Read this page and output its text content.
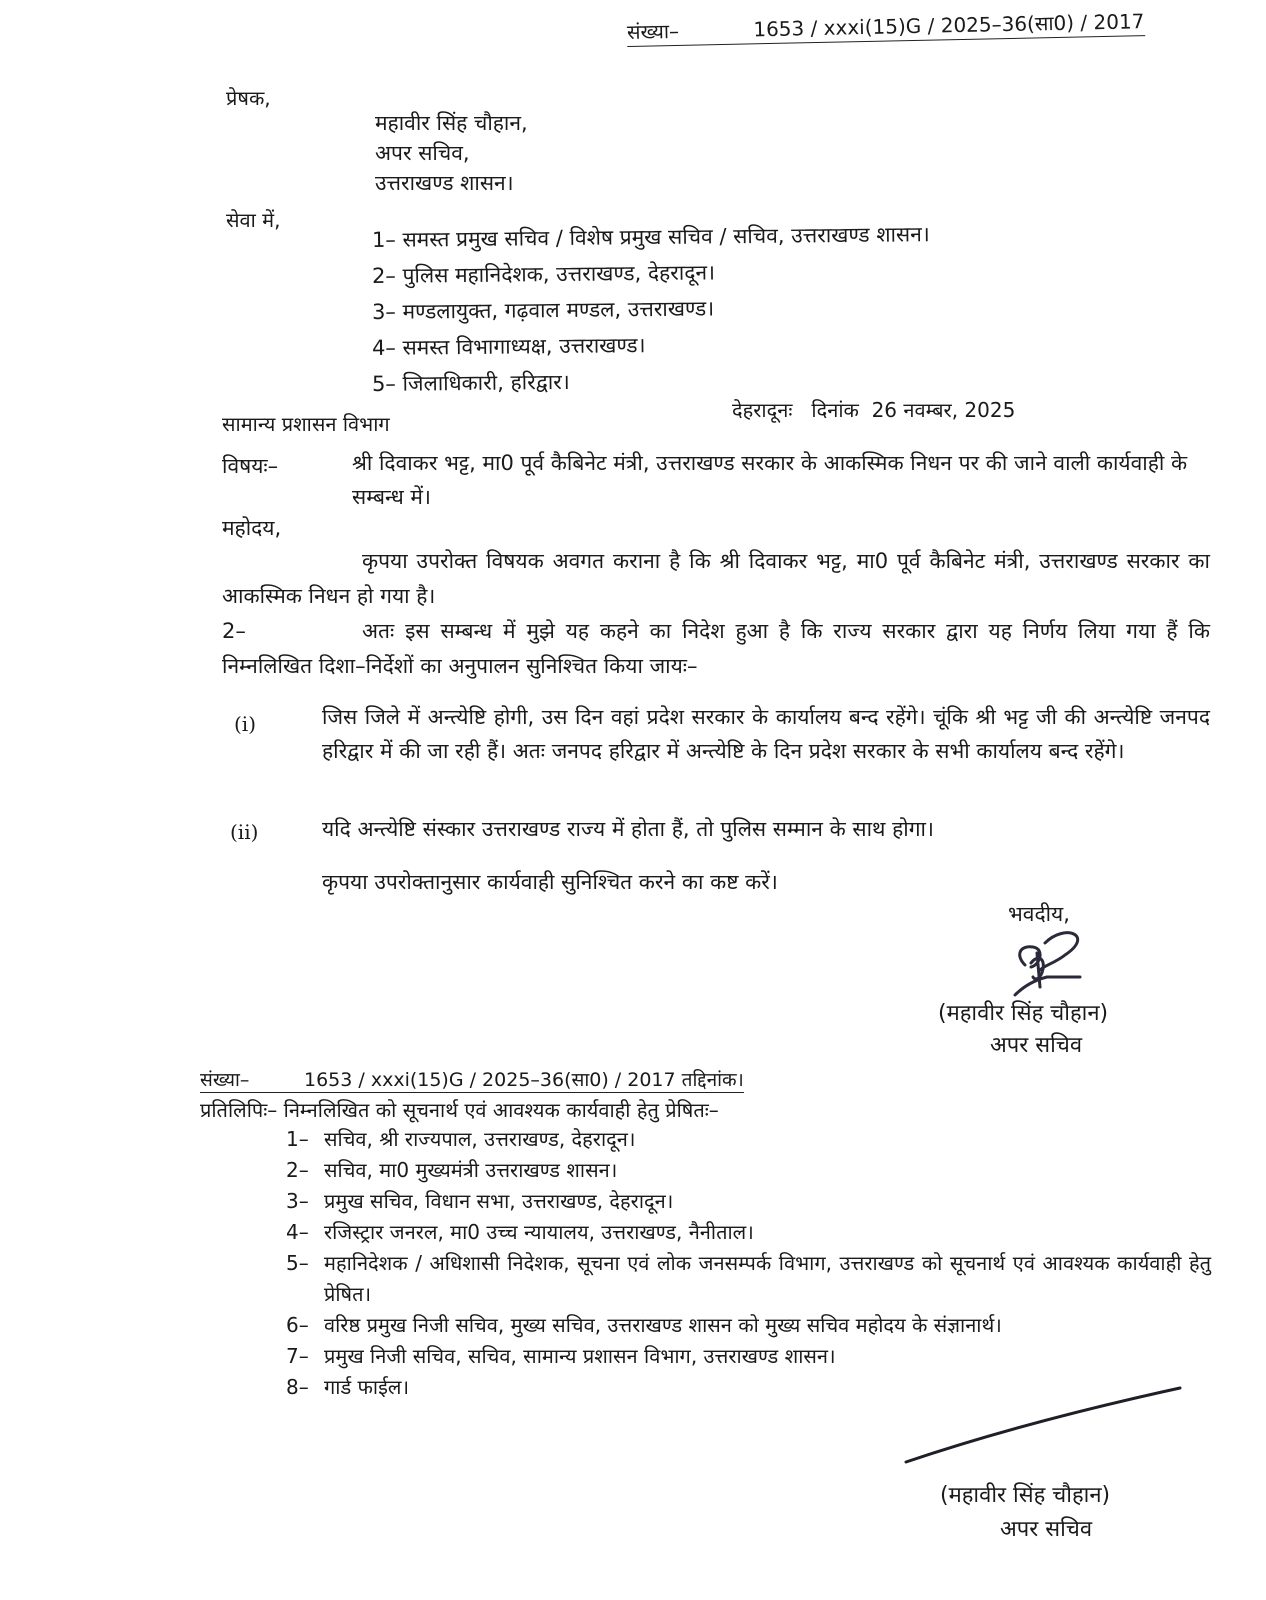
संख्या–	1653 / xxxi(15)G / 2025–36(सा0) / 2017
प्रेषक,
महावीर सिंह चौहान,
अपर सचिव,
उत्तराखण्ड शासन।
सेवा में,
1– समस्त प्रमुख सचिव / विशेष प्रमुख सचिव / सचिव, उत्तराखण्ड शासन।
2– पुलिस महानिदेशक, उत्तराखण्ड, देहरादून।
3– मण्डलायुक्त, गढ़वाल मण्डल, उत्तराखण्ड।
4– समस्त विभागाध्यक्ष, उत्तराखण्ड।
5– जिलाधिकारी, हरिद्वार।
सामान्य प्रशासन विभाग
देहरादूनः   दिनांक  26 नवम्बर, 2025
विषयः–	श्री दिवाकर भट्ट, मा0 पूर्व कैबिनेट मंत्री, उत्तराखण्ड सरकार के आकस्मिक निधन पर की जाने वाली कार्यवाही के सम्बन्ध में।
महोदय,
कृपया उपरोक्त विषयक अवगत कराना है कि श्री दिवाकर भट्ट, मा0 पूर्व कैबिनेट मंत्री, उत्तराखण्ड सरकार का आकस्मिक निधन हो गया है।
2–	अतः इस सम्बन्ध में मुझे यह कहने का निदेश हुआ है कि राज्य सरकार द्वारा यह निर्णय लिया गया हैं कि निम्नलिखित दिशा–निर्देशों का अनुपालन सुनिश्चित किया जायः–
(i)	जिस जिले में अन्त्येष्टि होगी, उस दिन वहां प्रदेश सरकार के कार्यालय बन्द रहेंगे। चूंकि श्री भट्ट जी की अन्त्येष्टि जनपद हरिद्वार में की जा रही हैं। अतः जनपद हरिद्वार में अन्त्येष्टि के दिन प्रदेश सरकार के सभी कार्यालय बन्द रहेंगे।
(ii)	यदि अन्त्येष्टि संस्कार उत्तराखण्ड राज्य में होता हैं, तो पुलिस सम्मान के साथ होगा।
कृपया उपरोक्तानुसार कार्यवाही सुनिश्चित करने का कष्ट करें।
भवदीय,
(महावीर सिंह चौहान)
अपर सचिव
संख्या–	1653 / xxxi(15)G / 2025–36(सा0) / 2017 तद्दिनांक।
प्रतिलिपिः– निम्नलिखित को सूचनार्थ एवं आवश्यक कार्यवाही हेतु प्रेषितः–
1– सचिव, श्री राज्यपाल, उत्तराखण्ड, देहरादून।
2– सचिव, मा0 मुख्यमंत्री उत्तराखण्ड शासन।
3– प्रमुख सचिव, विधान सभा, उत्तराखण्ड, देहरादून।
4– रजिस्ट्रार जनरल, मा0 उच्च न्यायालय, उत्तराखण्ड, नैनीताल।
5– महानिदेशक / अधिशासी निदेशक, सूचना एवं लोक जनसम्पर्क विभाग, उत्तराखण्ड को सूचनार्थ एवं आवश्यक कार्यवाही हेतु प्रेषित।
6– वरिष्ठ प्रमुख निजी सचिव, मुख्य सचिव, उत्तराखण्ड शासन को मुख्य सचिव महोदय के संज्ञानार्थ।
7– प्रमुख निजी सचिव, सचिव, सामान्य प्रशासन विभाग, उत्तराखण्ड शासन।
8– गार्ड फाईल।
(महावीर सिंह चौहान)
अपर सचिव
